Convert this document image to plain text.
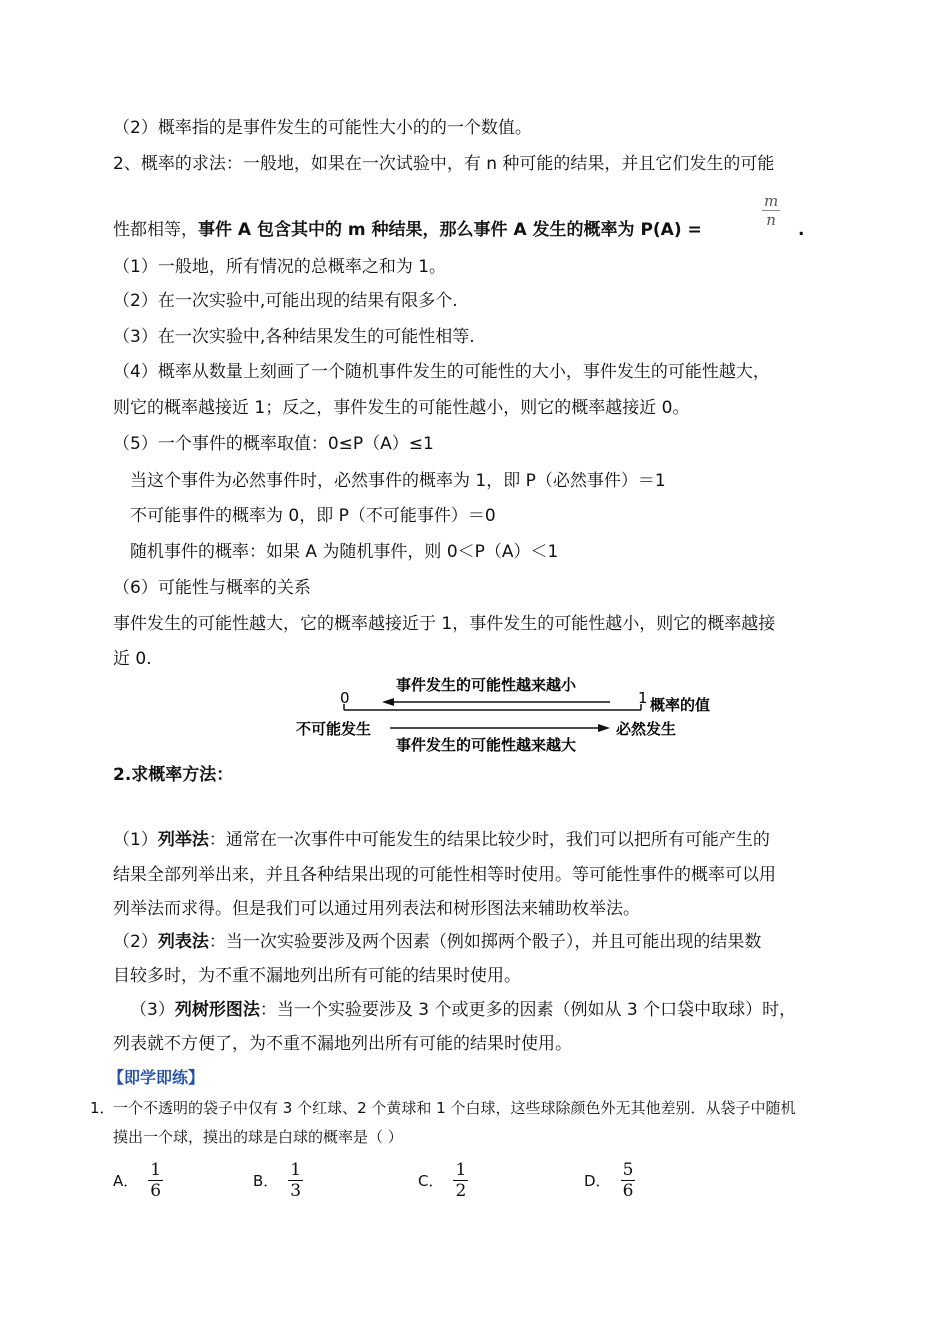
（2）概率指的是事件发生的可能性大小的的一个数值。
2、概率的求法：一般地，如果在一次试验中，有 n 种可能的结果，并且它们发生的可能
性都相等，事件 A 包含其中的 m 种结果，那么事件 A 发生的概率为 P(A) =
$\frac{m}{n}$
.
（1）一般地，所有情况的总概率之和为 1。
（2）在一次实验中,可能出现的结果有限多个.
（3）在一次实验中,各种结果发生的可能性相等.
（4）概率从数量上刻画了一个随机事件发生的可能性的大小，事件发生的可能性越大，
则它的概率越接近 1；反之，事件发生的可能性越小，则它的概率越接近 0。
（5）一个事件的概率取值：0≤P（A）≤1
当这个事件为必然事件时，必然事件的概率为 1，即 P（必然事件）＝1
不可能事件的概率为 0，即 P（不可能事件）＝0
随机事件的概率：如果 A 为随机事件，则 0＜P（A）＜1
（6）可能性与概率的关系
事件发生的可能性越大，它的概率越接近于 1，事件发生的可能性越小，则它的概率越接
近 0.
0	1
事件发生的可能性越来越小
概率的值
不可能发生	必然发生
事件发生的可能性越来越大
2.求概率方法：
（1）列举法：通常在一次事件中可能发生的结果比较少时，我们可以把所有可能产生的
结果全部列举出来，并且各种结果出现的可能性相等时使用。等可能性事件的概率可以用
列举法而求得。但是我们可以通过用列表法和树形图法来辅助枚举法。
（2）列表法：当一次实验要涉及两个因素（例如掷两个骰子），并且可能出现的结果数
目较多时，为不重不漏地列出所有可能的结果时使用。
（3）列树形图法：当一个实验要涉及 3 个或更多的因素（例如从 3 个口袋中取球）时，
列表就不方便了，为不重不漏地列出所有可能的结果时使用。
【即学即练】
1．
一个不透明的袋子中仅有 3 个红球、2 个黄球和 1 个白球，这些球除颜色外无其他差别．从袋子中随机
摸出一个球，摸出的球是白球的概率是（ ）
A． $\frac{1}{6}$	B． $\frac{1}{3}$	C． $\frac{1}{2}$	D． $\frac{5}{6}$
